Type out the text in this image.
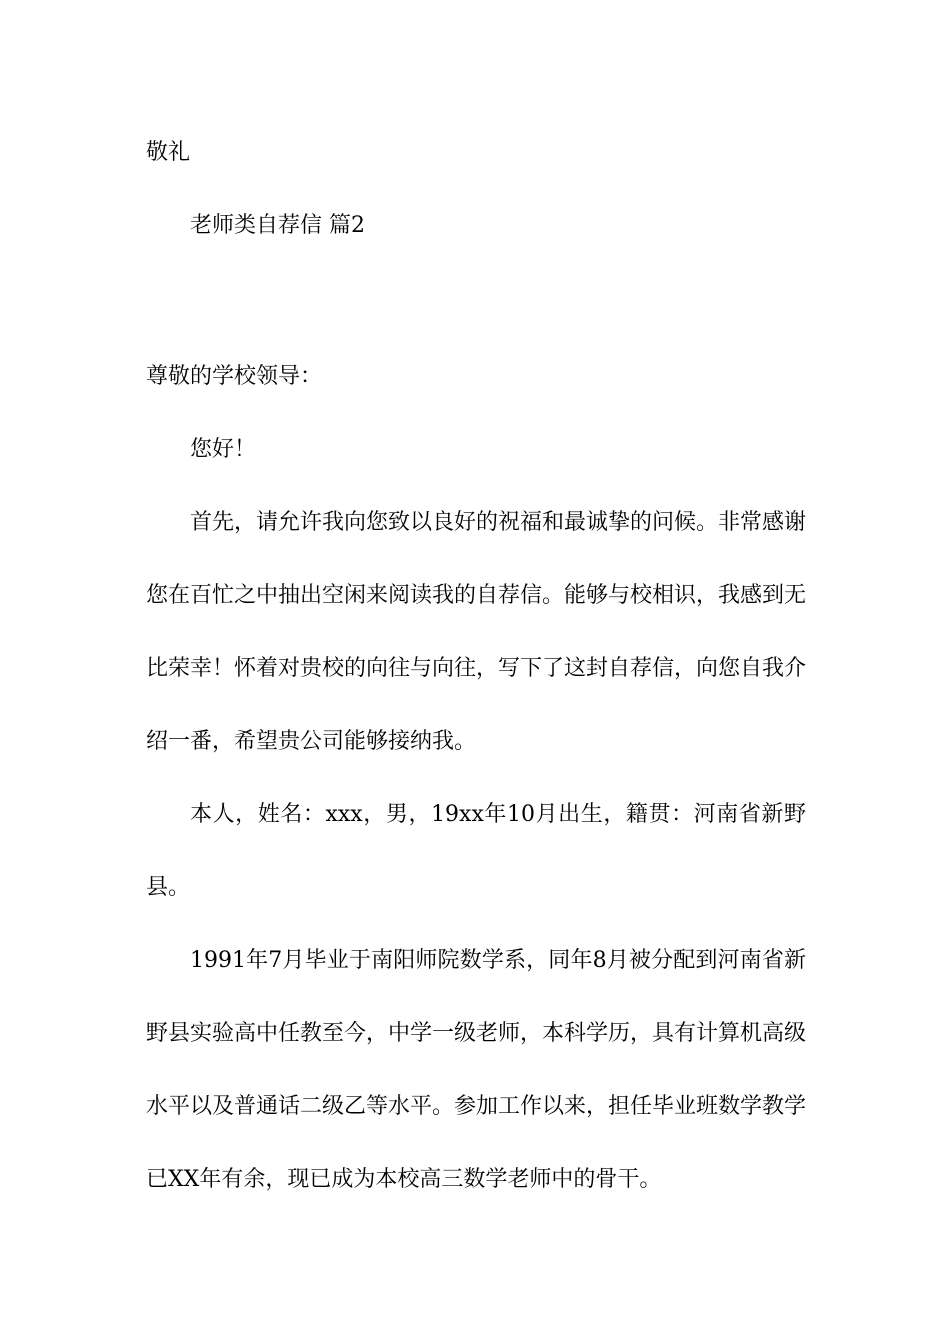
敬礼

老师类自荐信 篇2

尊敬的学校领导：

您好！

首先，请允许我向您致以良好的祝福和最诚挚的问候。非常感谢您在百忙之中抽出空闲来阅读我的自荐信。能够与校相识，我感到无比荣幸！怀着对贵校的向往与向往，写下了这封自荐信，向您自我介绍一番，希望贵公司能够接纳我。

本人，姓名：xxx，男，19xx年10月出生，籍贯：河南省新野县。

1991年7月毕业于南阳师院数学系，同年8月被分配到河南省新野县实验高中任教至今，中学一级老师，本科学历，具有计算机高级水平以及普通话二级乙等水平。参加工作以来，担任毕业班数学教学已XX年有余，现已成为本校高三数学老师中的骨干。
